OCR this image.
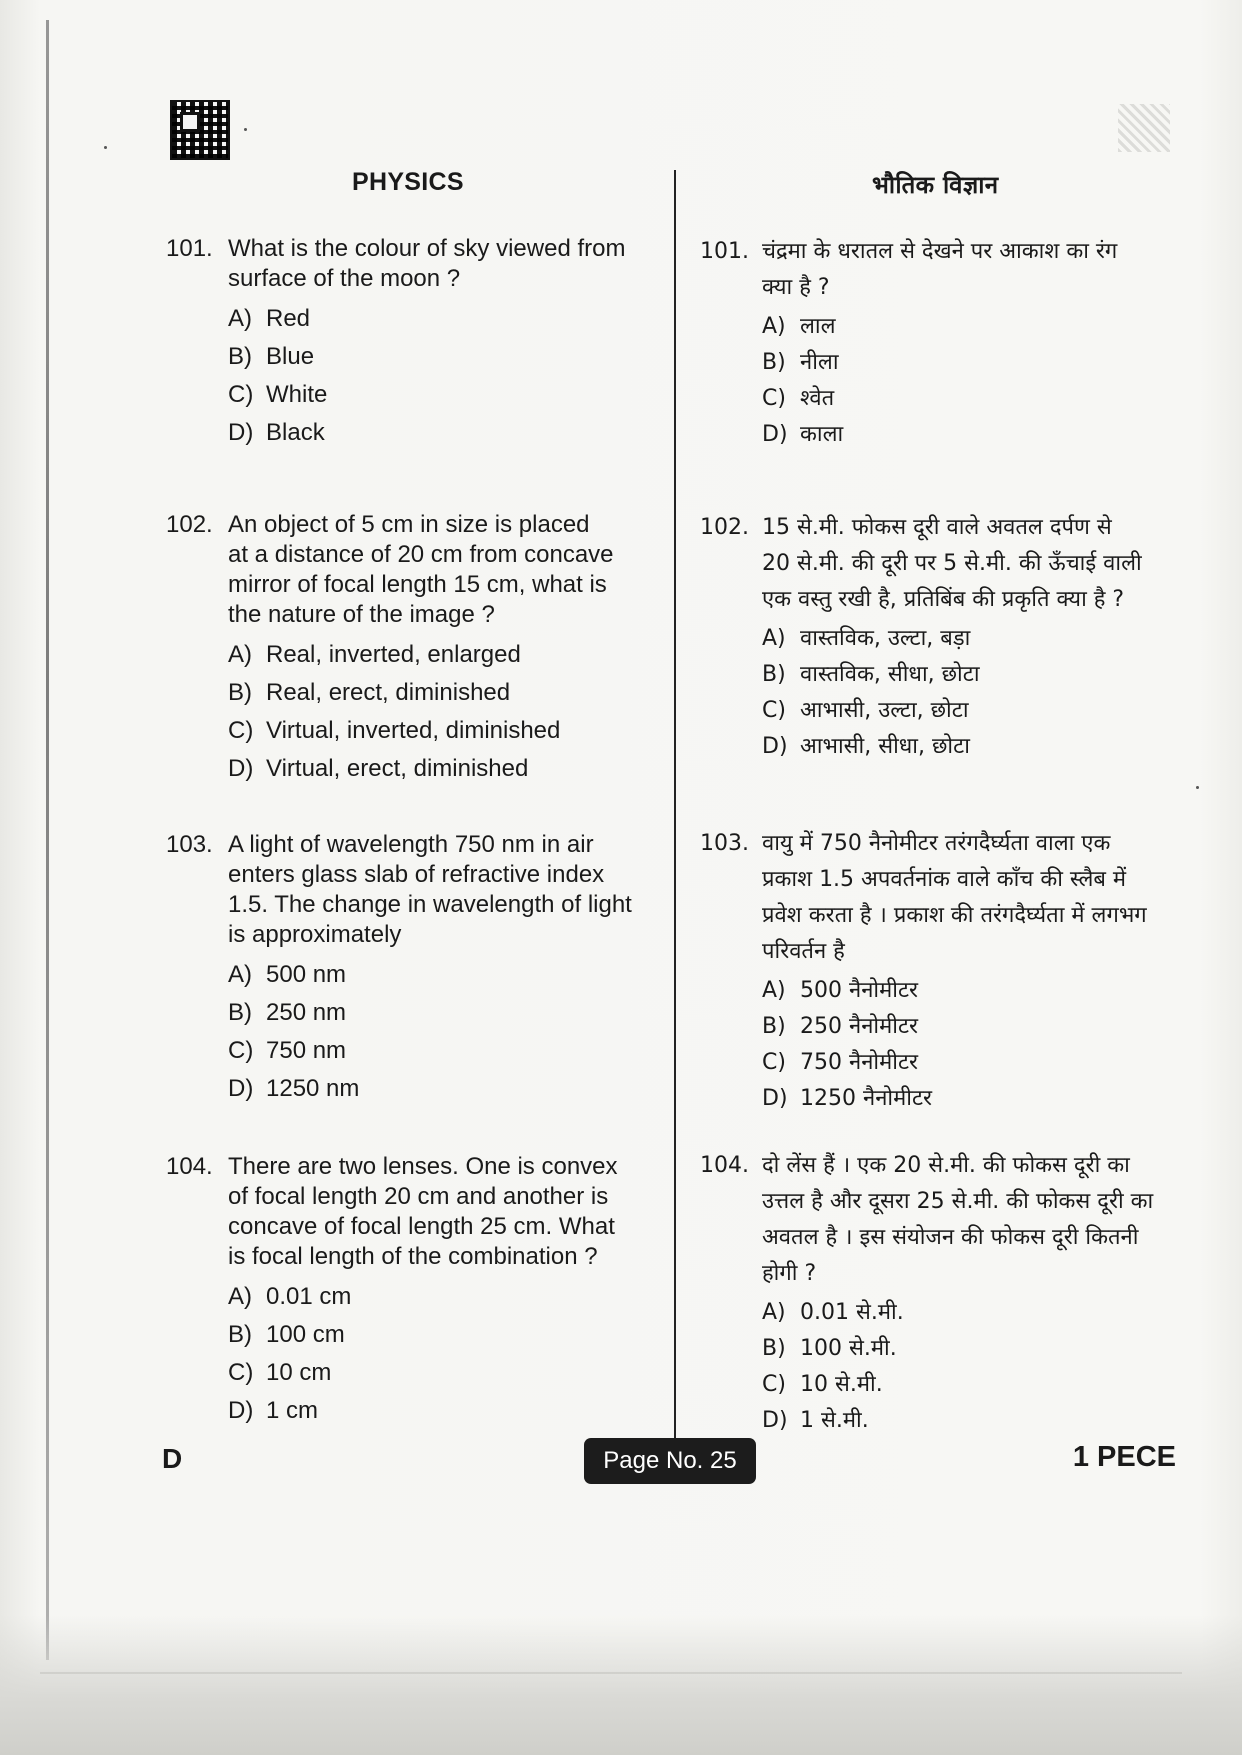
PHYSICS	भौतिक विज्ञान
101. What is the colour of sky viewed from
surface of the moon ?
A) Red
B) Blue
C) White
D) Black
102. An object of 5 cm in size is placed
at a distance of 20 cm from concave
mirror of focal length 15 cm, what is
the nature of the image ?
A) Real, inverted, enlarged
B) Real, erect, diminished
C) Virtual, inverted, diminished
D) Virtual, erect, diminished
103. A light of wavelength 750 nm in air
enters glass slab of refractive index
1.5. The change in wavelength of light
is approximately
A) 500 nm
B) 250 nm
C) 750 nm
D) 1250 nm
104. There are two lenses. One is convex
of focal length 20 cm and another is
concave of focal length 25 cm. What
is focal length of the combination ?
A) 0.01 cm
B) 100 cm
C) 10 cm
D) 1 cm
101. चंद्रमा के धरातल से देखने पर आकाश का रंग
क्या है ?
A) लाल
B) नीला
C) श्वेत
D) काला
102. 15 से.मी. फोकस दूरी वाले अवतल दर्पण से
20 से.मी. की दूरी पर 5 से.मी. की ऊँचाई वाली
एक वस्तु रखी है, प्रतिबिंब की प्रकृति क्या है ?
A) वास्तविक, उल्टा, बड़ा
B) वास्तविक, सीधा, छोटा
C) आभासी, उल्टा, छोटा
D) आभासी, सीधा, छोटा
103. वायु में 750 नैनोमीटर तरंगदैर्घ्यता वाला एक
प्रकाश 1.5 अपवर्तनांक वाले काँच की स्लैब में
प्रवेश करता है । प्रकाश की तरंगदैर्घ्यता में लगभग
परिवर्तन है
A) 500 नैनोमीटर
B) 250 नैनोमीटर
C) 750 नैनोमीटर
D) 1250 नैनोमीटर
104. दो लेंस हैं । एक 20 से.मी. की फोकस दूरी का
उत्तल है और दूसरा 25 से.मी. की फोकस दूरी का
अवतल है । इस संयोजन की फोकस दूरी कितनी
होगी ?
A) 0.01 से.मी.
B) 100 से.मी.
C) 10 से.मी.
D) 1 से.मी.
D	Page No. 25	1 PECE
